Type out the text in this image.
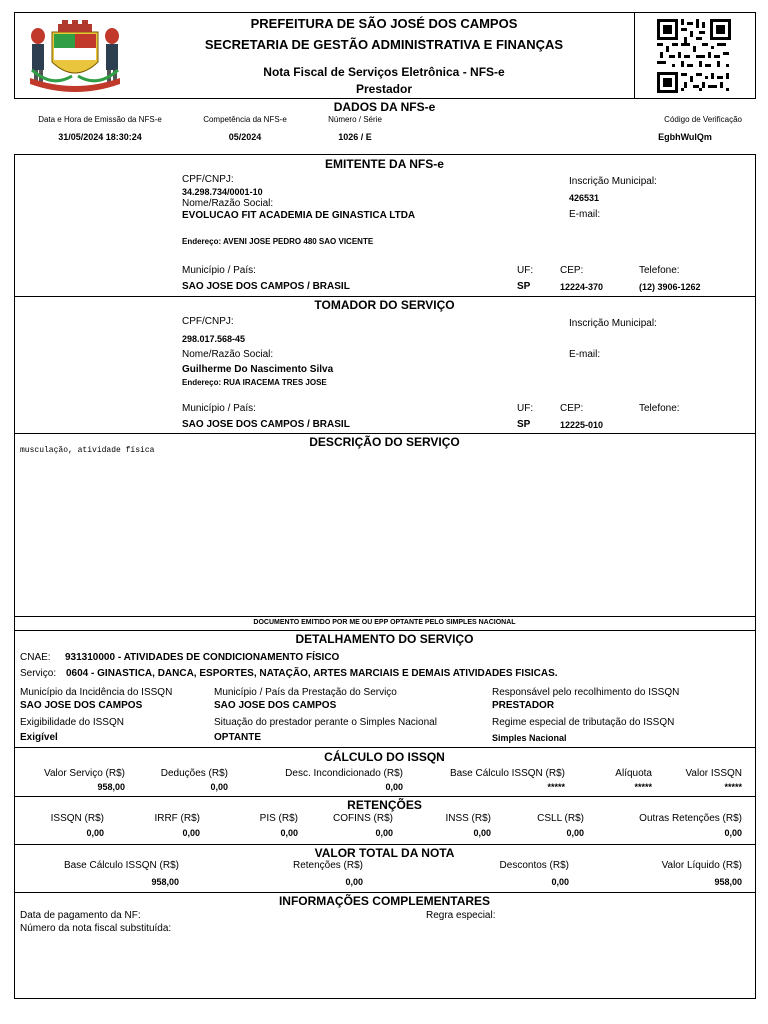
PREFEITURA DE SÃO JOSÉ DOS CAMPOS
SECRETARIA DE GESTÃO ADMINISTRATIVA E FINANÇAS
Nota Fiscal de Serviços Eletrônica - NFS-e
Prestador
DADOS DA NFS-e
Data e Hora de Emissão da NFS-e
31/05/2024 18:30:24
Competência da NFS-e
05/2024
Número / Série
1026 / E
Código de Verificação
EgbhWulQm
EMITENTE DA NFS-e
CPF/CNPJ:
34.298.734/0001-10
Nome/Razão Social:
EVOLUCAO FIT ACADEMIA DE GINASTICA LTDA
Inscrição Municipal:
426531
E-mail:
Endereço: AVENI JOSE PEDRO 480 SAO VICENTE
Município / País:
SAO JOSE DOS CAMPOS / BRASIL
UF:
SP
CEP:
12224-370
Telefone:
(12) 3906-1262
TOMADOR DO SERVIÇO
CPF/CNPJ:
298.017.568-45
Nome/Razão Social:
Guilherme Do Nascimento Silva
Endereço: RUA IRACEMA TRES JOSE
Inscrição Municipal:
E-mail:
Município / País:
SAO JOSE DOS CAMPOS / BRASIL
UF:
SP
CEP:
12225-010
Telefone:
DESCRIÇÃO DO SERVIÇO
musculação, atividade física
DOCUMENTO EMITIDO POR ME OU EPP OPTANTE PELO SIMPLES NACIONAL
DETALHAMENTO DO SERVIÇO
CNAE: 931310000 - ATIVIDADES DE CONDICIONAMENTO FÍSICO
Serviço: 0604 - GINASTICA, DANCA, ESPORTES, NATAÇÃO, ARTES MARCIAIS E DEMAIS ATIVIDADES FISICAS.
Município da Incidência do ISSQN
SAO JOSE DOS CAMPOS
Município / País da Prestação do Serviço
SAO JOSE DOS CAMPOS
Responsável pelo recolhimento do ISSQN
PRESTADOR
Exigibilidade do ISSQN
Exigível
Situação do prestador perante o Simples Nacional
OPTANTE
Regime especial de tributação do ISSQN
Simples Nacional
CÁLCULO DO ISSQN
Valor Serviço (R$)
958,00
Deduções (R$)
0,00
Desc. Incondicionado (R$)
0,00
Base Cálculo ISSQN (R$)
*****
Alíquota
*****
Valor ISSQN
*****
RETENÇÕES
ISSQN (R$)
0,00
IRRF (R$)
0,00
PIS (R$)
0,00
COFINS (R$)
0,00
INSS (R$)
0,00
CSLL (R$)
0,00
Outras Retenções (R$)
0,00
VALOR TOTAL DA NOTA
Base Cálculo ISSQN (R$)
958,00
Retenções (R$)
0,00
Descontos (R$)
0,00
Valor Líquido (R$)
958,00
INFORMAÇÕES COMPLEMENTARES
Data de pagamento da NF:	Regra especial:
Número da nota fiscal substituída:
